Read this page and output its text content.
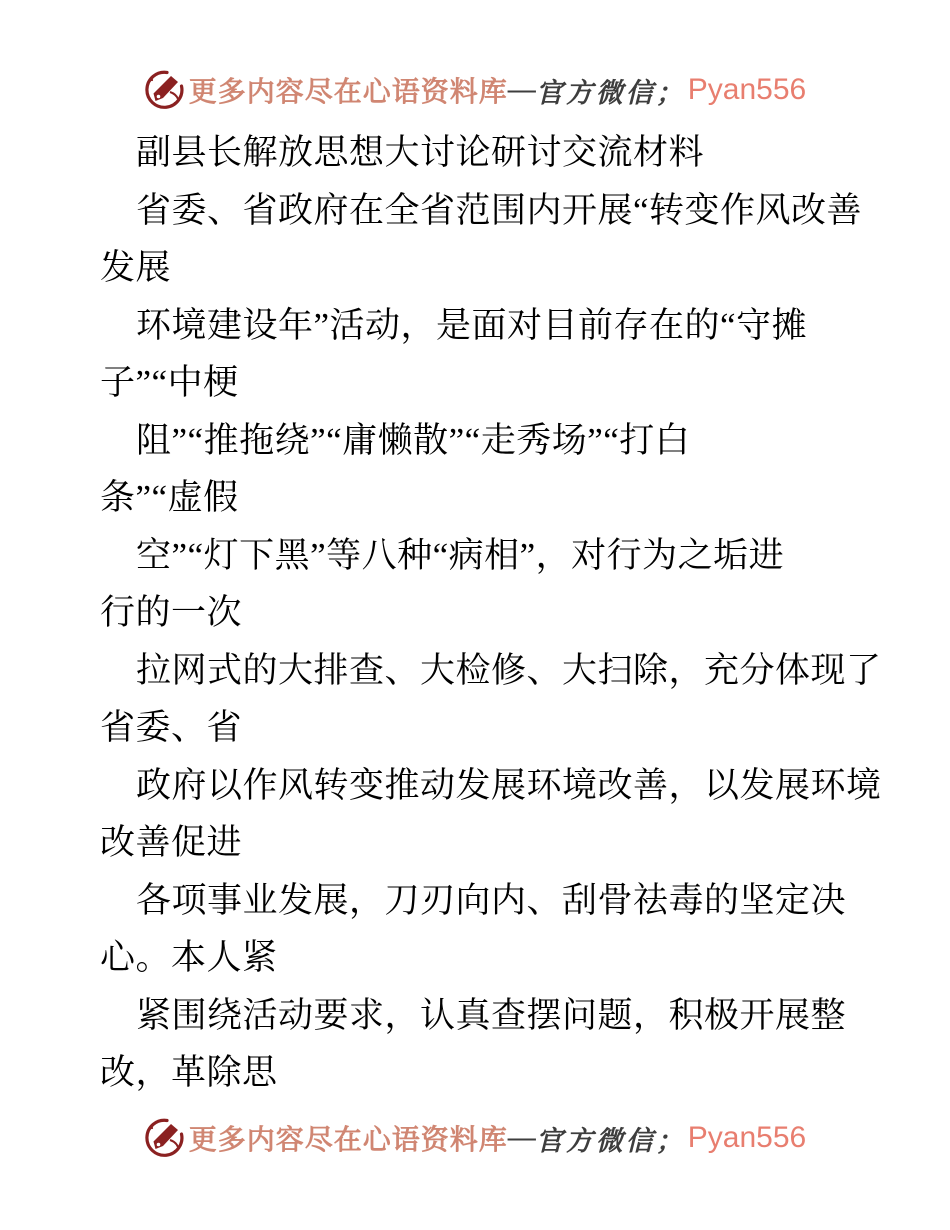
更多内容尽在心语资料库 — 官方微信； Pyan556
副县长解放思想大讨论研讨交流材料
省委、省政府在全省范围内开展“转变作风改善
发展
环境建设年”活动，是面对目前存在的“守摊
子”“中梗
阻”“推拖绕”“庸懒散”“走秀场”“打白
条”“虚假
空”“灯下黑”等八种“病相”，对行为之垢进
行的一次
拉网式的大排查、大检修、大扫除，充分体现了
省委、省
政府以作风转变推动发展环境改善，以发展环境
改善促进
各项事业发展，刀刃向内、刮骨祛毒的坚定决
心。本人紧
紧围绕活动要求，认真查摆问题，积极开展整
改，革除思
更多内容尽在心语资料库 — 官方微信； Pyan556
